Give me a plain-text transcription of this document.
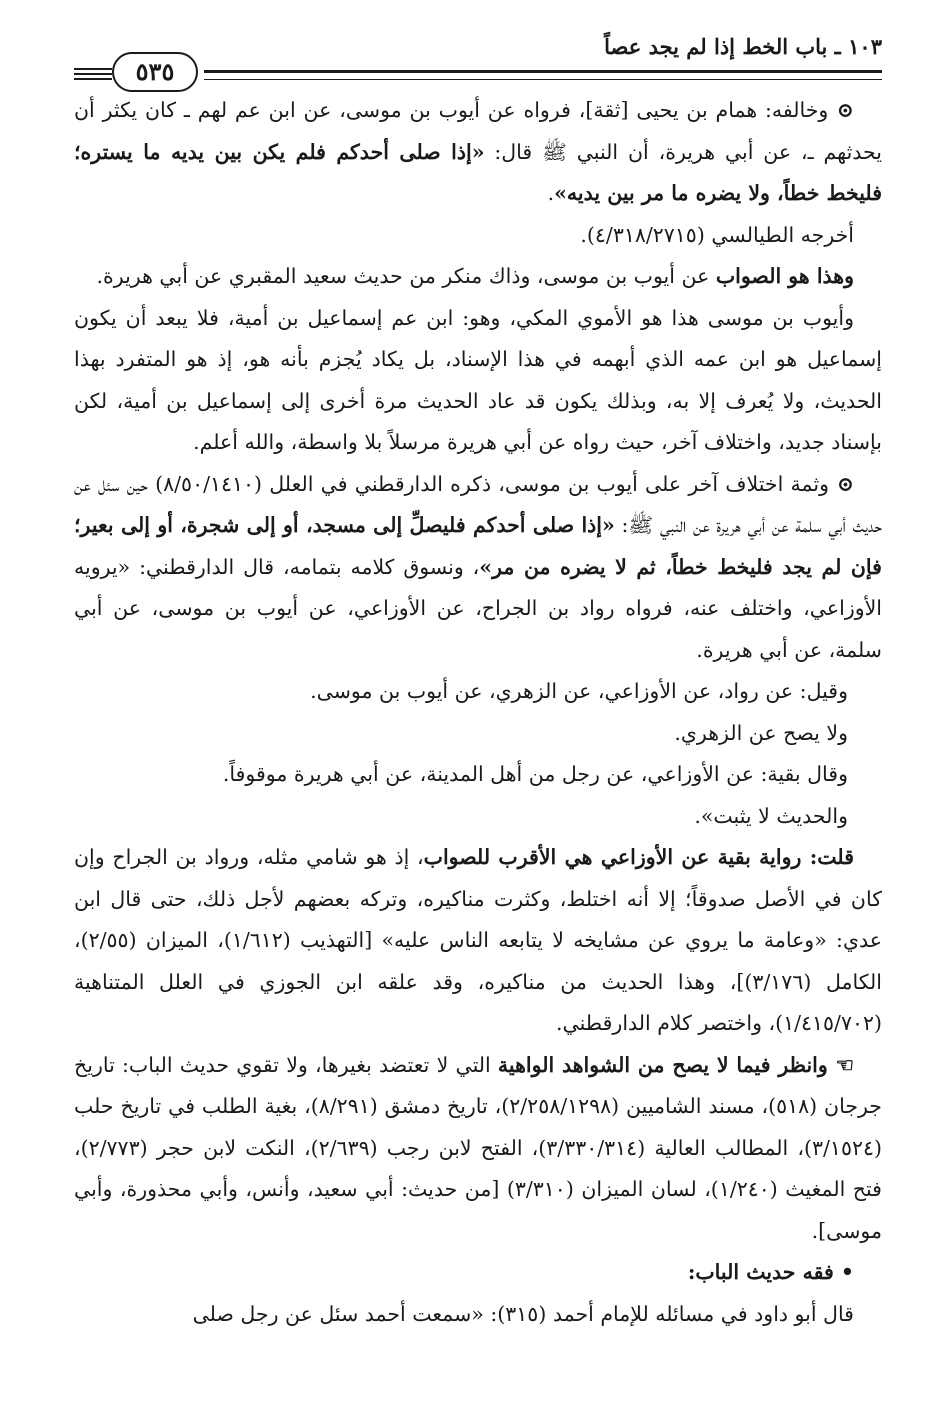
١٠٣ ـ باب الخط إذا لم يجد عصاً
٥٣٥

⊙ وخالفه: همام بن يحيى [ثقة]، فرواه عن أيوب بن موسى، عن ابن عم لهم ـ كان يكثر أن يحدثهم ـ، عن أبي هريرة، أن النبي ﷺ قال: «إذا صلى أحدكم فلم يكن بين يديه ما يستره؛ فليخط خطاً، ولا يضره ما مر بين يديه».

أخرجه الطيالسي (٤/٣١٨/٢٧١٥).

وهذا هو الصواب عن أيوب بن موسى، وذاك منكر من حديث سعيد المقبري عن أبي هريرة.

وأيوب بن موسى هذا هو الأموي المكي، وهو: ابن عم إسماعيل بن أمية، فلا يبعد أن يكون إسماعيل هو ابن عمه الذي أبهمه في هذا الإسناد، بل يكاد يُجزم بأنه هو، إذ هو المتفرد بهذا الحديث، ولا يُعرف إلا به، وبذلك يكون قد عاد الحديث مرة أخرى إلى إسماعيل بن أمية، لكن بإسناد جديد، واختلاف آخر، حيث رواه عن أبي هريرة مرسلاً بلا واسطة، والله أعلم.

⊙ وثمة اختلاف آخر على أيوب بن موسى، ذكره الدارقطني في العلل (٨/٥٠/١٤١٠) حين سئل عن حديث أبي سلمة عن أبي هريرة عن النبي ﷺ: «إذا صلى أحدكم فليصلِّ إلى مسجد، أو إلى شجرة، أو إلى بعير؛ فإن لم يجد فليخط خطاً، ثم لا يضره من مر»، ونسوق كلامه بتمامه، قال الدارقطني: «يرويه الأوزاعي، واختلف عنه، فرواه رواد بن الجراح، عن الأوزاعي، عن أيوب بن موسى، عن أبي سلمة، عن أبي هريرة.

وقيل: عن رواد، عن الأوزاعي، عن الزهري، عن أيوب بن موسى.

ولا يصح عن الزهري.

وقال بقية: عن الأوزاعي، عن رجل من أهل المدينة، عن أبي هريرة موقوفاً.

والحديث لا يثبت».

قلت: رواية بقية عن الأوزاعي هي الأقرب للصواب، إذ هو شامي مثله، ورواد بن الجراح وإن كان في الأصل صدوقاً؛ إلا أنه اختلط، وكثرت مناكيره، وتركه بعضهم لأجل ذلك، حتى قال ابن عدي: «وعامة ما يروي عن مشايخه لا يتابعه الناس عليه» [التهذيب (١/٦١٢)، الميزان (٢/٥٥)، الكامل (٣/١٧٦)]، وهذا الحديث من مناكيره، وقد علقه ابن الجوزي في العلل المتناهية (١/٤١٥/٧٠٢)، واختصر كلام الدارقطني.

☜ وانظر فيما لا يصح من الشواهد الواهية التي لا تعتضد بغيرها، ولا تقوي حديث الباب: تاريخ جرجان (٥١٨)، مسند الشاميين (٢/٢٥٨/١٢٩٨)، تاريخ دمشق (٨/٢٩١)، بغية الطلب في تاريخ حلب (٣/١٥٢٤)، المطالب العالية (٣/٣٣٠/٣١٤)، الفتح لابن رجب (٢/٦٣٩)، النكت لابن حجر (٢/٧٧٣)، فتح المغيث (١/٢٤٠)، لسان الميزان (٣/٣١٠) [من حديث: أبي سعيد، وأنس، وأبي محذورة، وأبي موسى].

• فقه حديث الباب:

قال أبو داود في مسائله للإمام أحمد (٣١٥): «سمعت أحمد سئل عن رجل صلى
